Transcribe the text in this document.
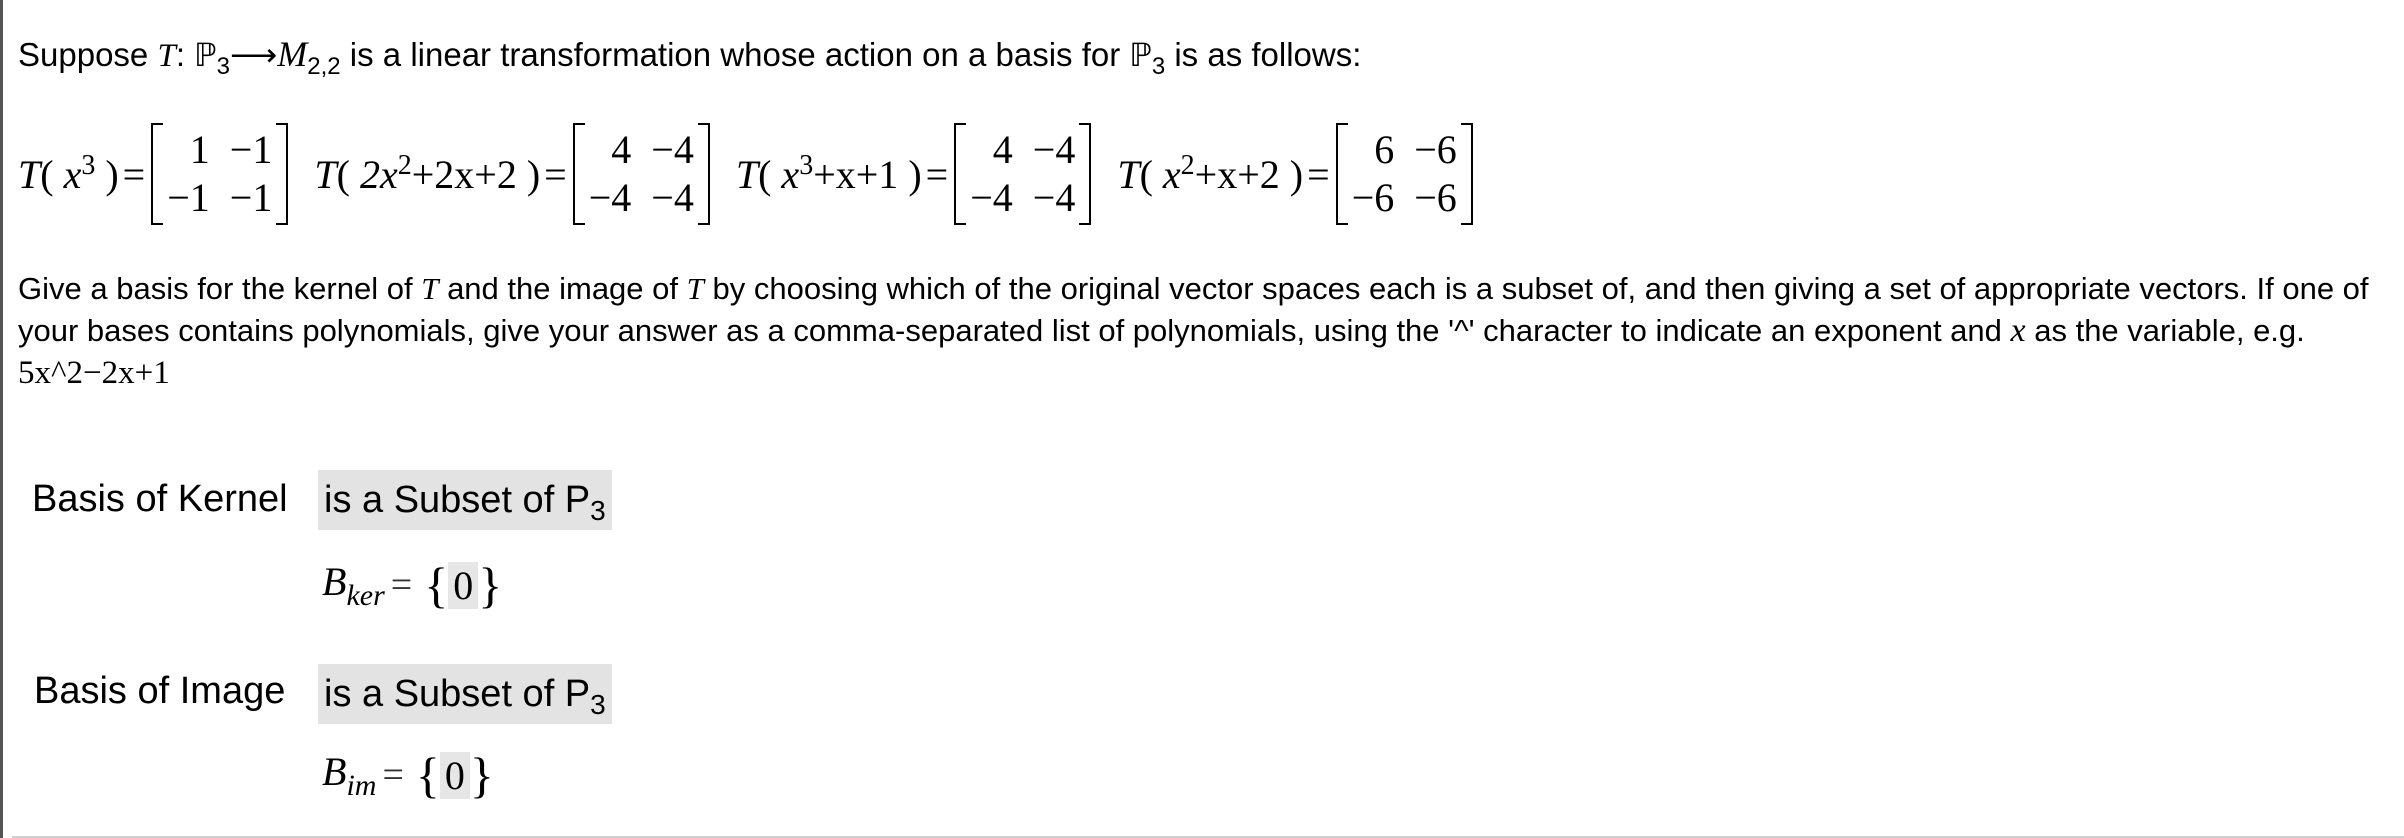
Suppose T: $ℙ_3⟶M_{2,2}$ is a linear transformation whose action on a basis for ℙ$_3$ is as follows:
T( $x^3$ ) =
1 −1
−1 −1
T( $2x^2+2x+2$ ) =
4 −4
−4 −4
T( $x^3+x+1$ ) =
4 −4
−4 −4
T( $x^2+x+2$ ) =
6 −6
−6 −6
Give a basis for the kernel of T and the image of T by choosing which of the original vector spaces each is a subset of, and then giving a set of appropriate vectors. If one of your bases contains polynomials, give your answer as a comma-separated list of polynomials, using the '^' character to indicate an exponent and x as the variable, e.g. 5x^2−2x+1
Basis of Kernel is a Subset of $P_3$
$B_{ker}$ = { 0 }
Basis of Image is a Subset of $P_3$
$B_{im}$ = { 0 }
